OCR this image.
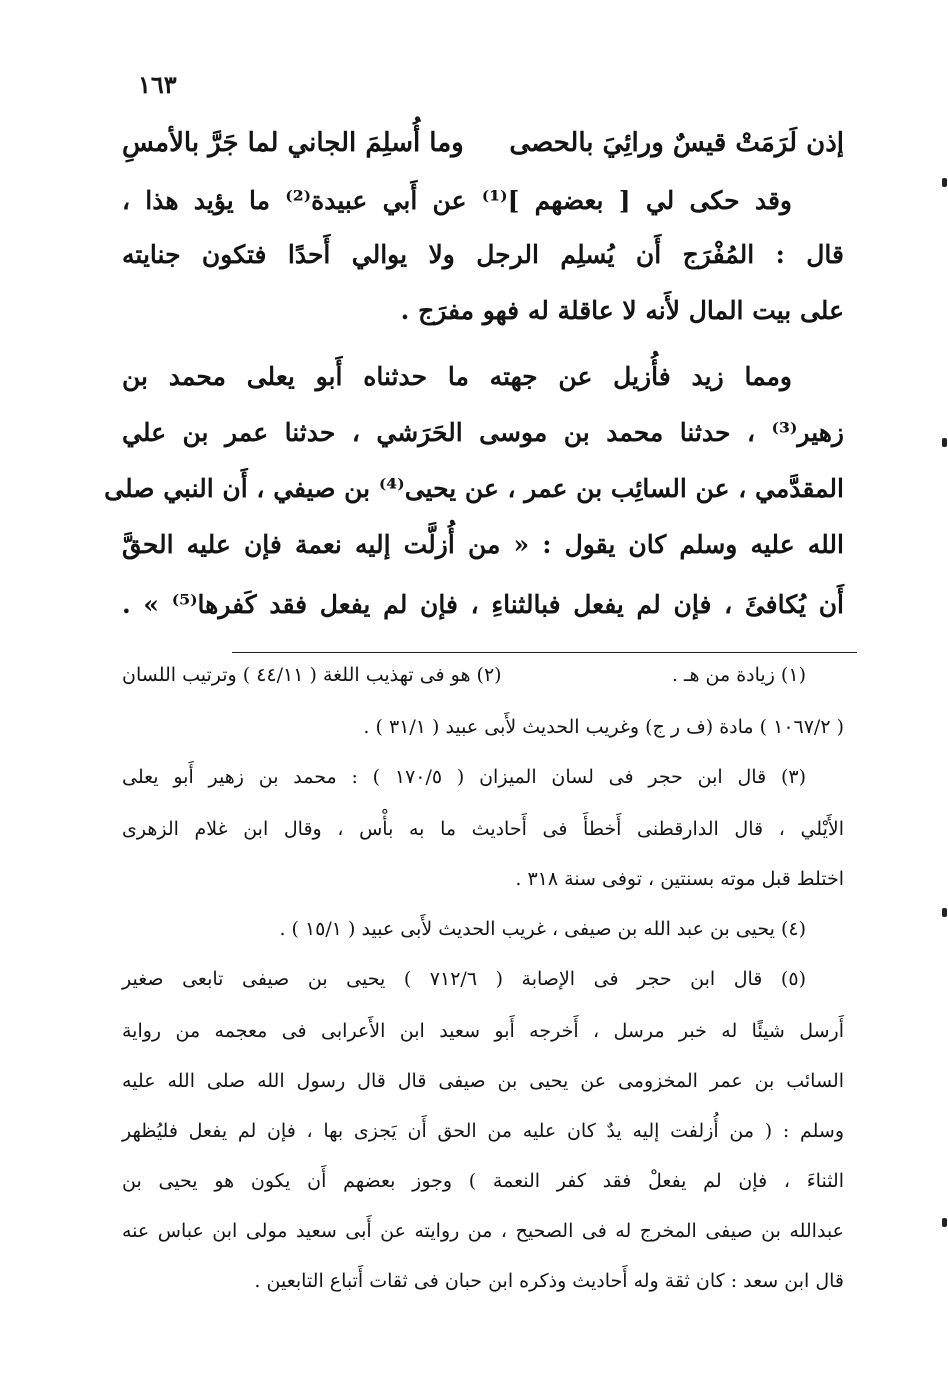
١٦٣
إذن لَرَمَتْ قيسٌ ورائِيَ بالحصى
وما أُسلِمَ الجاني لما جَرَّ بالأمسِ
وقد حكى لي [ بعضهم ]⁽¹⁾ عن أَبي عبيدة⁽²⁾ ما يؤيد هذا ،
قال : المُفْرَج أَن يُسلِم الرجل ولا يوالي أَحدًا فتكون جنايته
على بيت المال لأَنه لا عاقلة له فهو مفرَج .
ومما زيد فأُزيل عن جهته ما حدثناه أَبو يعلى محمد بن
زهير⁽³⁾ ، حدثنا محمد بن موسى الحَرَشي ، حدثنا عمر بن علي
المقدَّمي ، عن السائِب بن عمر ، عن يحيى⁽⁴⁾ بن صيفي ، أَن النبي صلى
الله عليه وسلم كان يقول : « من أُزلَّت إليه نعمة فإن عليه الحقَّ
أَن يُكافئَ ، فإن لم يفعل فبالثناءِ ، فإن لم يفعل فقد كَفرها⁽⁵⁾ » .
(١) زيادة من هـ .
(٢) هو فى تهذيب اللغة ( ٤٤/١١ ) وترتيب اللسان
( ١٠٦٧/٢ ) مادة (ف ر ج) وغريب الحديث لأَبى عبيد ( ٣١/١ ) .
(٣) قال ابن حجر فى لسان الميزان ( ١٧٠/٥ ) : محمد بن زهير أَبو يعلى
الأَيْلي ، قال الدارقطنى أَخطأَ فى أَحاديث ما به بأْس ، وقال ابن غلام الزهرى
اختلط قبل موته بسنتين ، توفى سنة ٣١٨ .
(٤) يحيى بن عبد الله بن صيفى ، غريب الحديث لأَبى عبيد ( ١٥/١ ) .
(٥) قال ابن حجر فى الإصابة ( ٧١٢/٦ ) يحيى بن صيفى تابعى صغير
أَرسل شيئًا له خبر مرسل ، أَخرجه أَبو سعيد ابن الأَعرابى فى معجمه من رواية
السائب بن عمر المخزومى عن يحيى بن صيفى قال قال رسول الله صلى الله عليه
وسلم : ( من أُزلفت إليه يدٌ كان عليه من الحق أَن يَجزى بها ، فإن لم يفعل فليُظهر
الثناءَ ، فإن لم يفعلْ فقد كفر النعمة ) وجوز بعضهم أَن يكون هو يحيى بن
عبدالله بن صيفى المخرج له فى الصحيح ، من روايته عن أَبى سعيد مولى ابن عباس عنه
قال ابن سعد : كان ثقة وله أَحاديث وذكره ابن حبان فى ثقات أَتباع التابعين .
